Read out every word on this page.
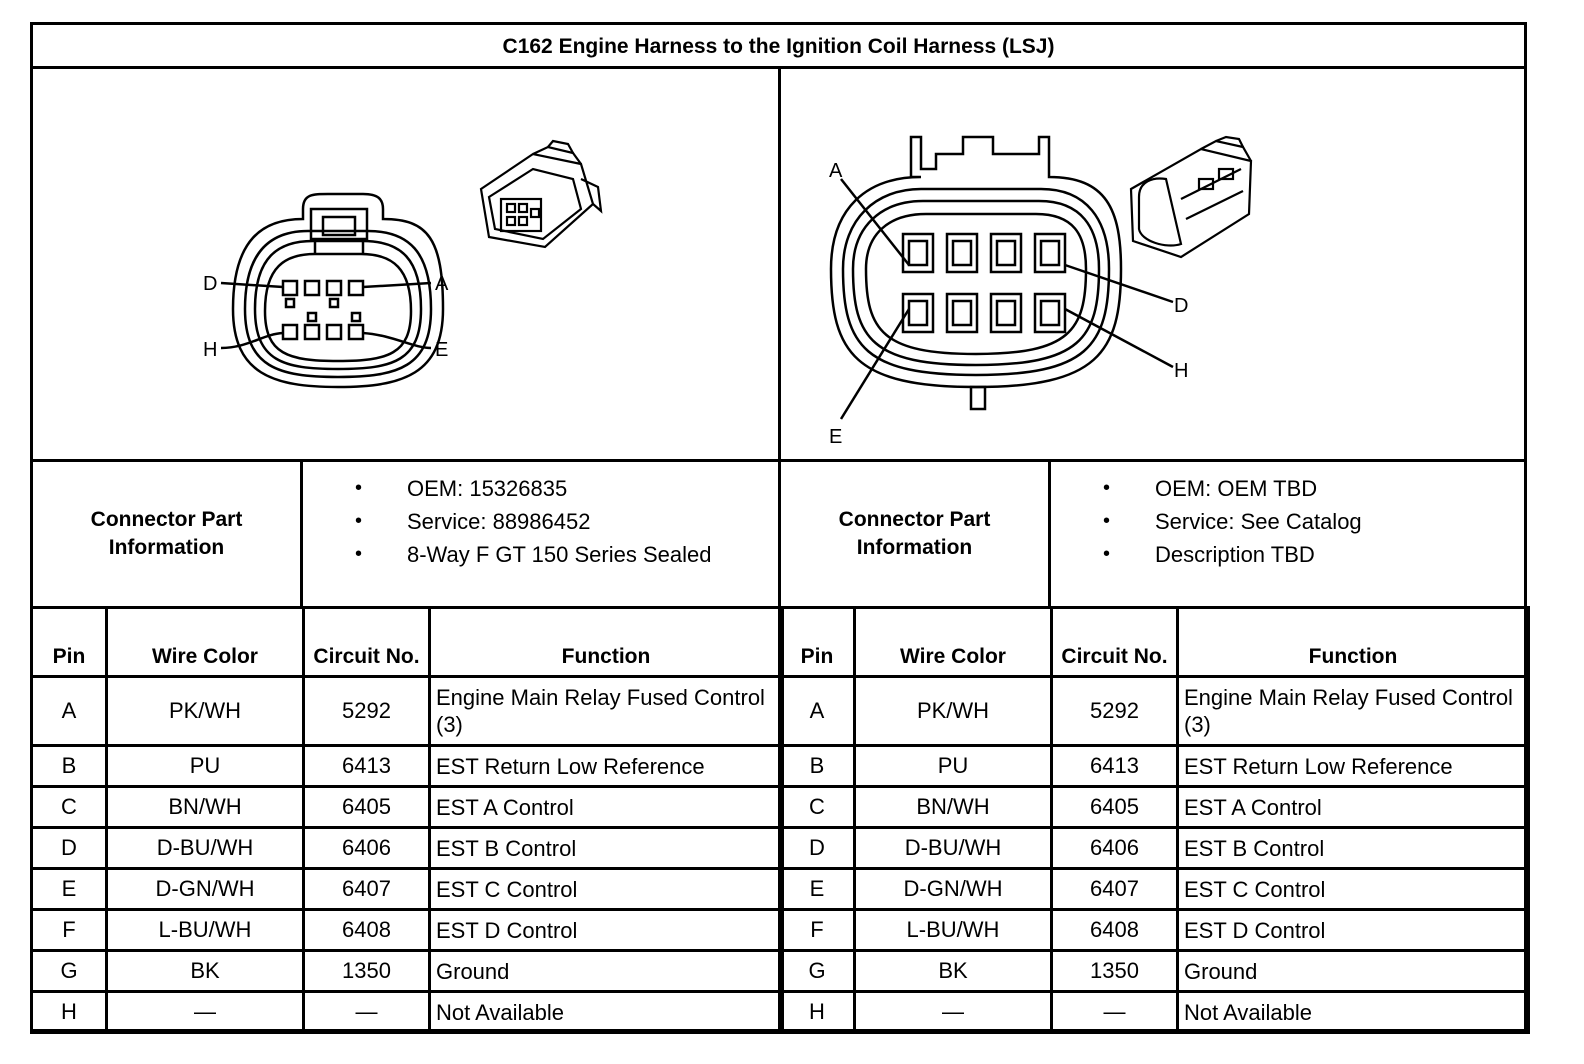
C162 Engine Harness to the Ignition Coil Harness (LSJ)
D	A
H	E
A
D
E
H
Connector Part Information
• OEM: 15326835
• Service: 88986452
• 8-Way F GT 150 Series Sealed
Connector Part Information
• OEM: OEM TBD
• Service: See Catalog
• Description TBD
Pin	Wire Color	Circuit No.	Function
A	PK/WH	5292	Engine Main Relay Fused Control (3)
B	PU	6413	EST Return Low Reference
C	BN/WH	6405	EST A Control
D	D-BU/WH	6406	EST B Control
E	D-GN/WH	6407	EST C Control
F	L-BU/WH	6408	EST D Control
G	BK	1350	Ground
H	—	—	Not Available
Pin	Wire Color	Circuit No.	Function
A	PK/WH	5292	Engine Main Relay Fused Control (3)
B	PU	6413	EST Return Low Reference
C	BN/WH	6405	EST A Control
D	D-BU/WH	6406	EST B Control
E	D-GN/WH	6407	EST C Control
F	L-BU/WH	6408	EST D Control
G	BK	1350	Ground
H	—	—	Not Available
